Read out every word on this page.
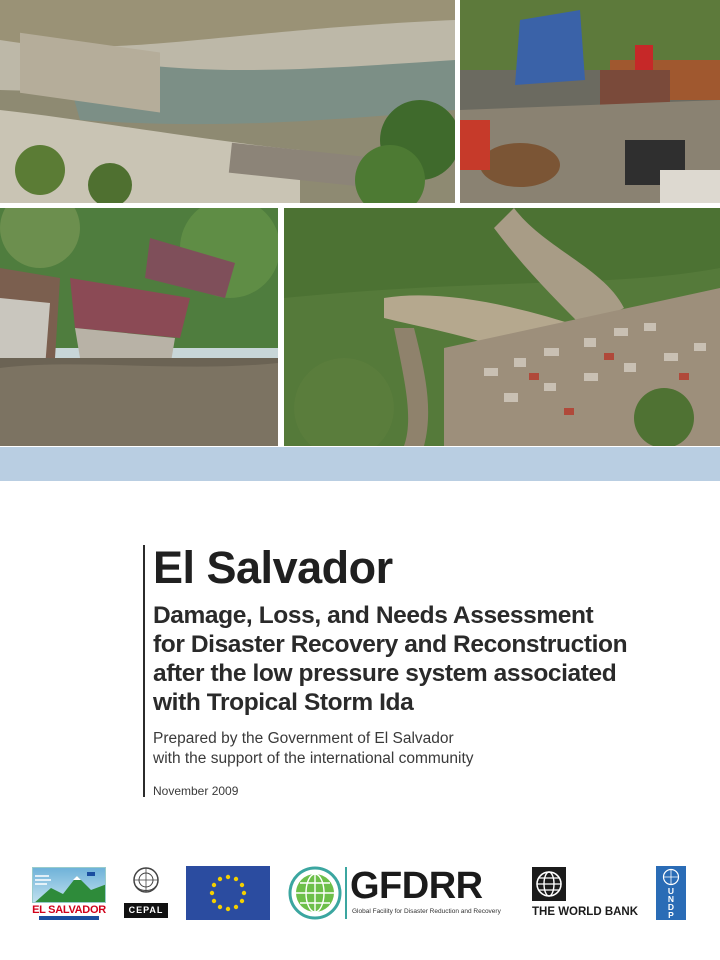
El Salvador
Damage, Loss, and Needs Assessment
for Disaster Recovery and Reconstruction
after the low pressure system associated
with Tropical Storm Ida
Prepared by the Government of El Salvador
with the support of the international community
November 2009
EL SALVADOR	CEPAL
GFDRR
Global Facility for Disaster Reduction and Recovery	THE WORLD BANK
U
N
D
P
